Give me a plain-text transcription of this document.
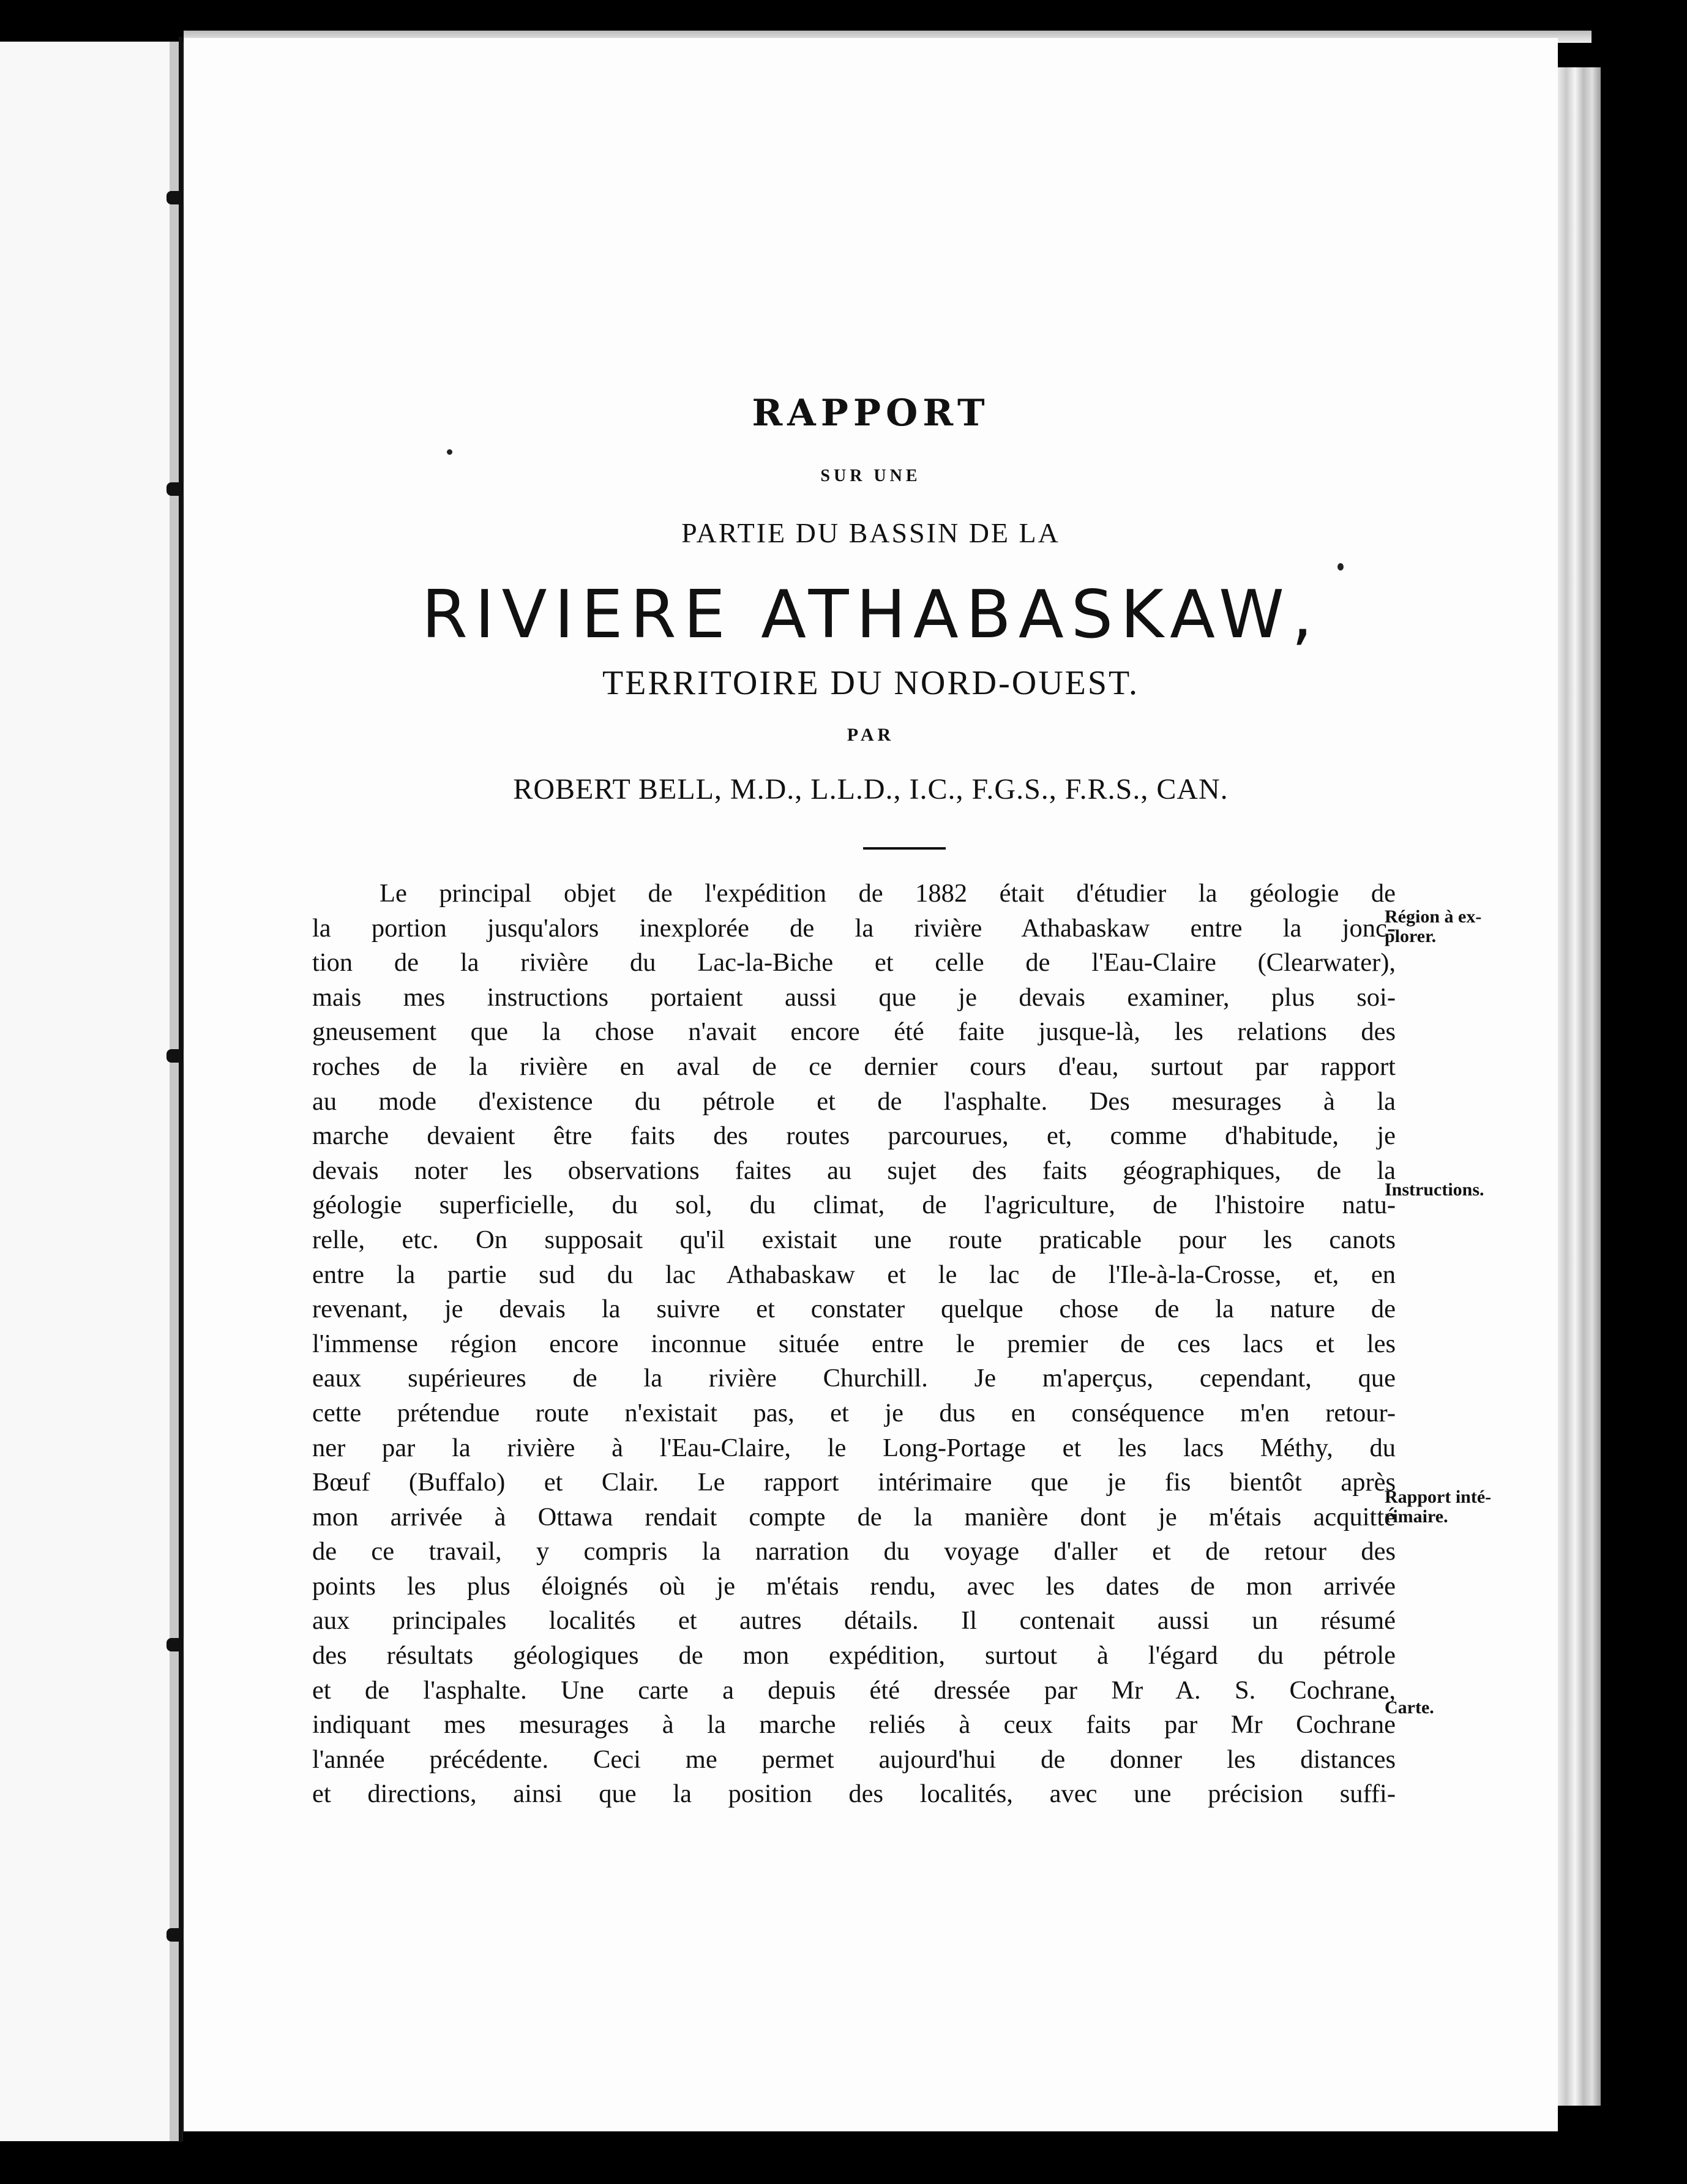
RAPPORT
SUR UNE
PARTIE DU BASSIN DE LA
RIVIERE ATHABASKAW,
TERRITOIRE DU NORD-OUEST.
PAR
ROBERT BELL, M.D., L.L.D., I.C., F.G.S., F.R.S., CAN.
Le principal objet de l'expédition de 1882 était d'étudier la géologie de
la portion jusqu'alors inexplorée de la rivière Athabaskaw entre la jonc-
tion de la rivière du Lac-la-Biche et celle de l'Eau-Claire (Clearwater),
mais mes instructions portaient aussi que je devais examiner, plus soi-
gneusement que la chose n'avait encore été faite jusque-là, les relations des
roches de la rivière en aval de ce dernier cours d'eau, surtout par rapport
au mode d'existence du pétrole et de l'asphalte. Des mesurages à la
marche devaient être faits des routes parcourues, et, comme d'habitude, je
devais noter les observations faites au sujet des faits géographiques, de la
géologie superficielle, du sol, du climat, de l'agriculture, de l'histoire natu-
relle, etc. On supposait qu'il existait une route praticable pour les canots
entre la partie sud du lac Athabaskaw et le lac de l'Ile-à-la-Crosse, et, en
revenant, je devais la suivre et constater quelque chose de la nature de
l'immense région encore inconnue située entre le premier de ces lacs et les
eaux supérieures de la rivière Churchill. Je m'aperçus, cependant, que
cette prétendue route n'existait pas, et je dus en conséquence m'en retour-
ner par la rivière à l'Eau-Claire, le Long-Portage et les lacs Méthy, du
Bœuf (Buffalo) et Clair. Le rapport intérimaire que je fis bientôt après
mon arrivée à Ottawa rendait compte de la manière dont je m'étais acquitté
de ce travail, y compris la narration du voyage d'aller et de retour des
points les plus éloignés où je m'étais rendu, avec les dates de mon arrivée
aux principales localités et autres détails. Il contenait aussi un résumé
des résultats géologiques de mon expédition, surtout à l'égard du pétrole
et de l'asphalte. Une carte a depuis été dressée par Mr A. S. Cochrane,
indiquant mes mesurages à la marche reliés à ceux faits par Mr Cochrane
l'année précédente. Ceci me permet aujourd'hui de donner les distances
et directions, ainsi que la position des localités, avec une précision suffi-
Région à ex-
plorer.
Instructions.
Rapport inté-
rimaire.
Carte.
